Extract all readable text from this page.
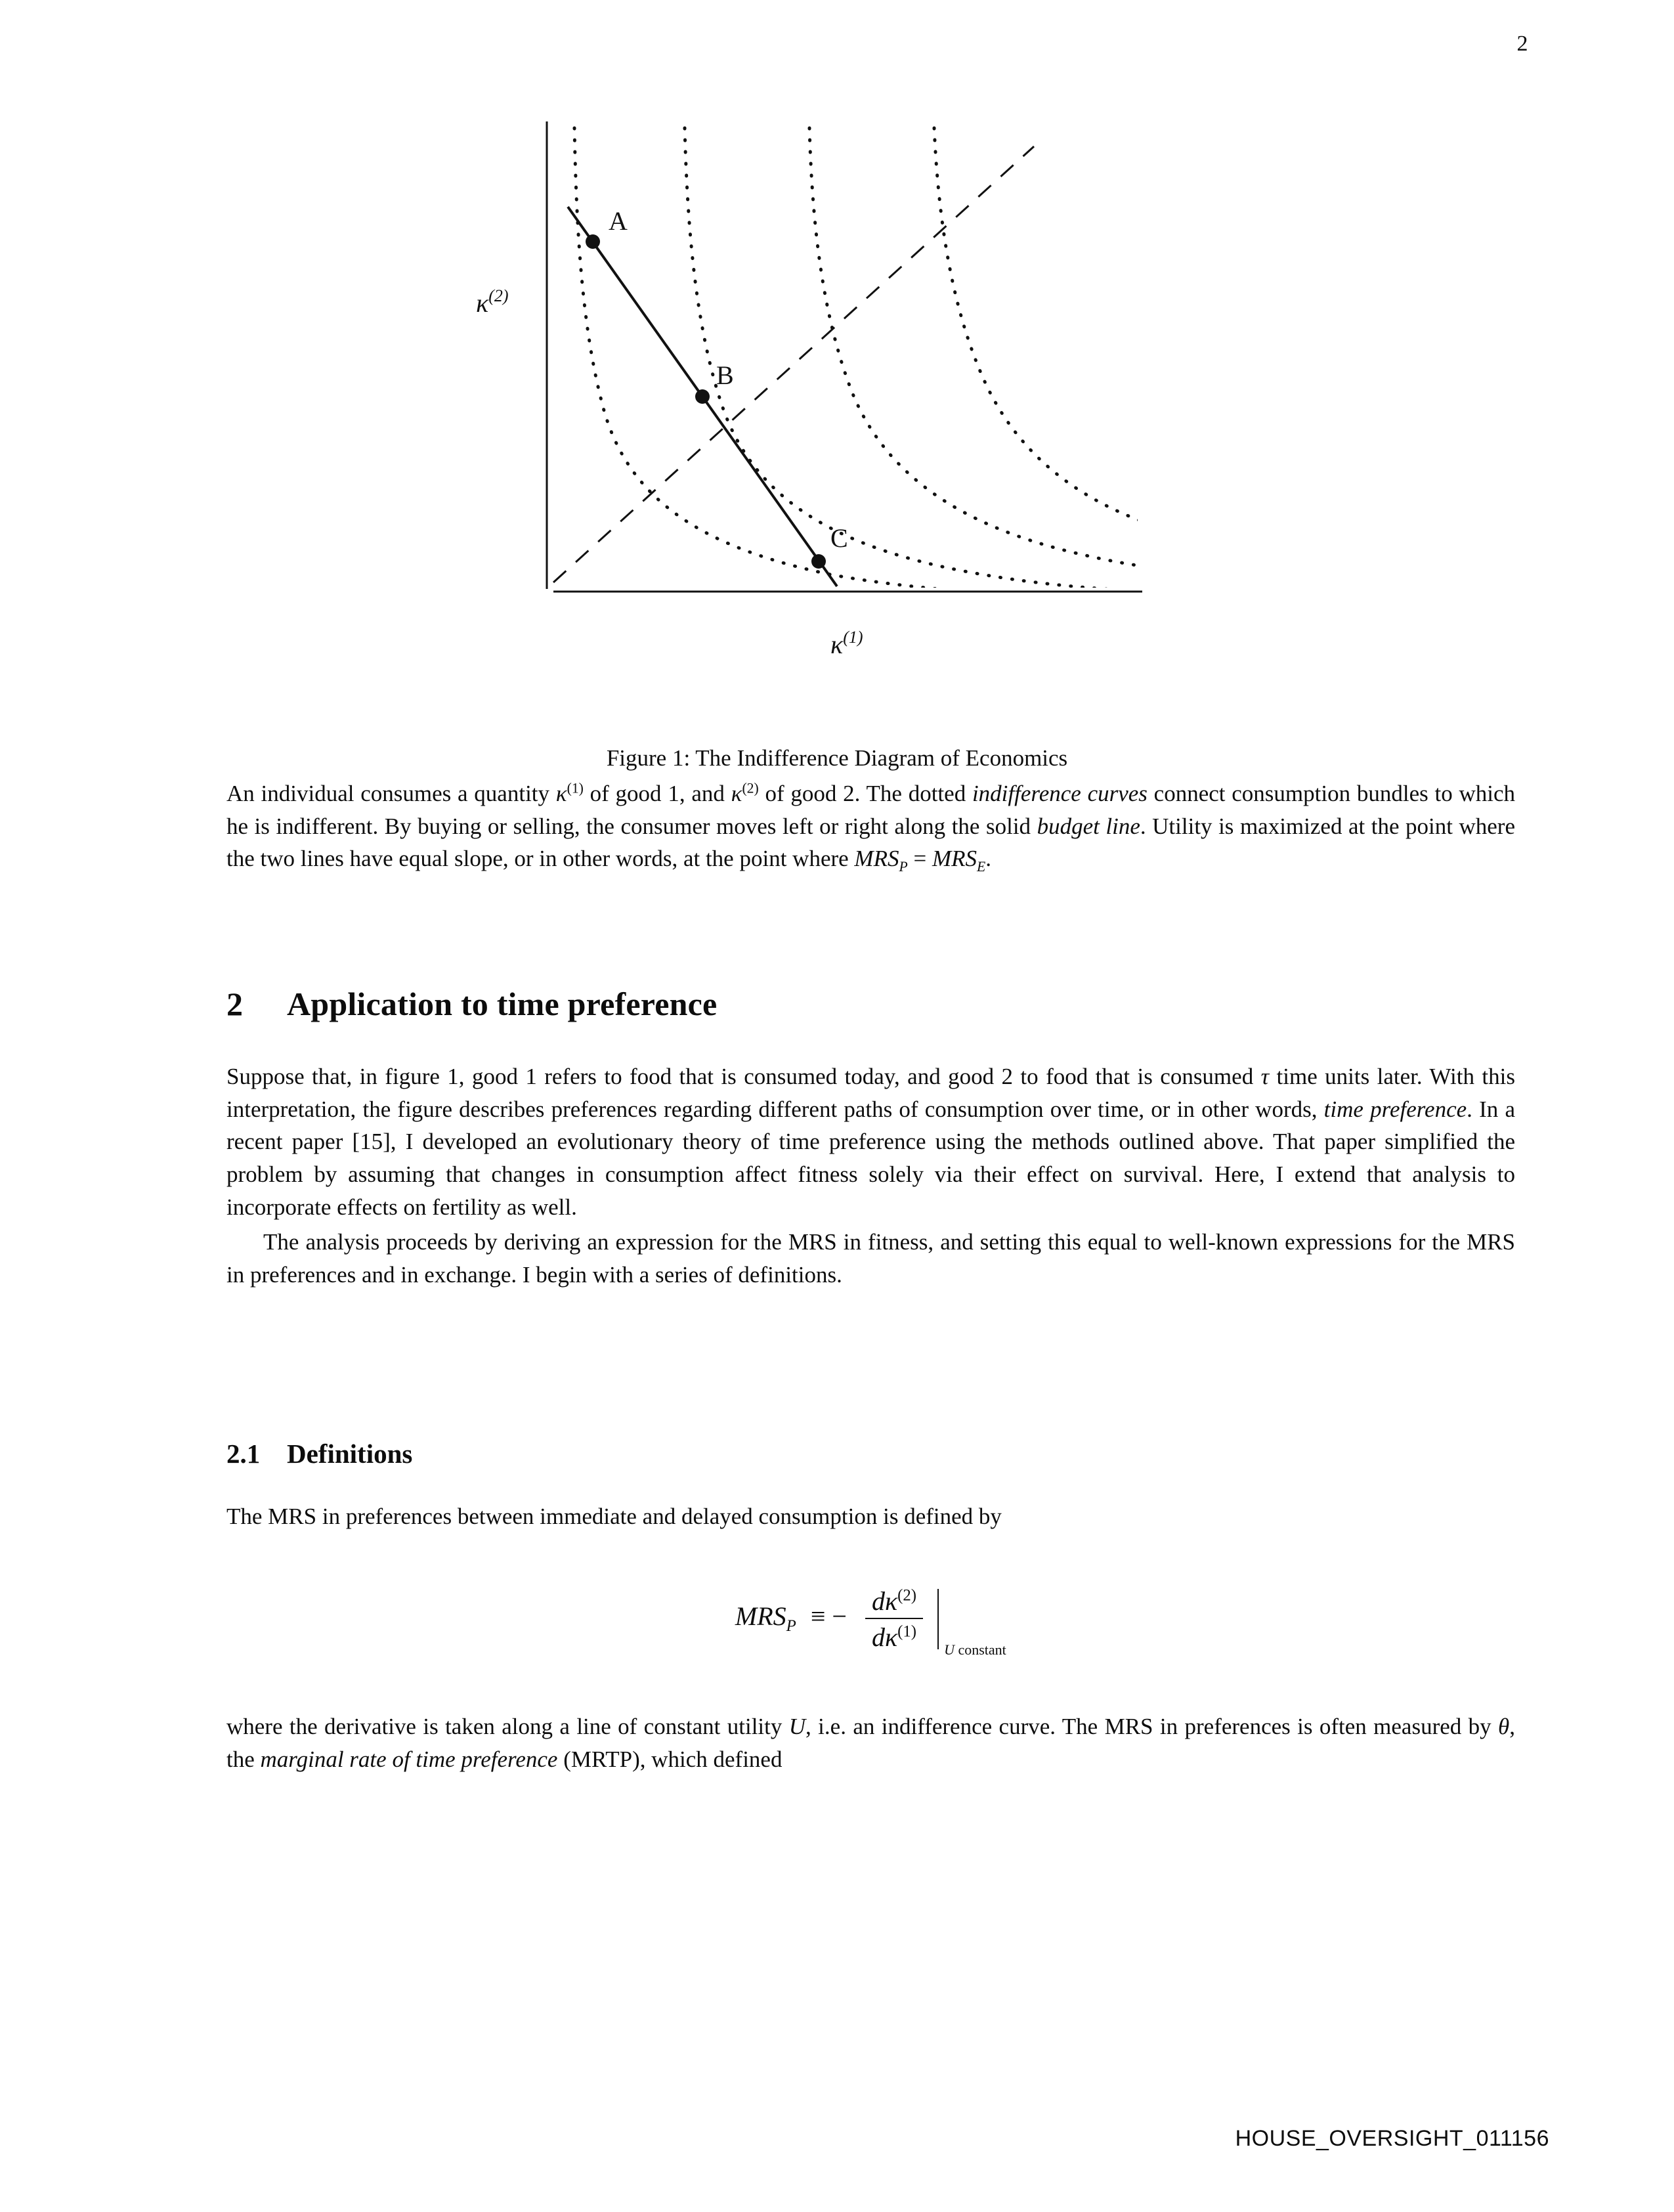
2
A
B
C
$\kappa^{(2)}$
$\kappa^{(1)}$
Figure 1: The Indifference Diagram of Economics

An individual consumes a quantity $\kappa^{(1)}$ of good 1, and $\kappa^{(2)}$ of good 2. The dotted indifference curves connect consumption bundles to which he is indifferent. By buying or selling, the consumer moves left or right along the solid budget line. Utility is maximized at the point where the two lines have equal slope, or in other words, at the point where $MRS_P = MRS_E$.

2 Application to time preference

Suppose that, in figure 1, good 1 refers to food that is consumed today, and good 2 to food that is consumed τ time units later. With this interpretation, the figure describes preferences regarding different paths of consumption over time, or in other words, time preference. In a recent paper [15], I developed an evolutionary theory of time preference using the methods outlined above. That paper simplified the problem by assuming that changes in consumption affect fitness solely via their effect on survival. Here, I extend that analysis to incorporate effects on fertility as well.

The analysis proceeds by deriving an expression for the MRS in fitness, and setting this equal to well-known expressions for the MRS in preferences and in exchange. I begin with a series of definitions.

2.1 Definitions

The MRS in preferences between immediate and delayed consumption is defined by

$MRS_P$ ≡ − $\frac{d\kappa^{(2)}}{d\kappa^{(1)}}$
U constant

where the derivative is taken along a line of constant utility U, i.e. an indifference curve. The MRS in preferences is often measured by θ, the marginal rate of time preference (MRTP), which defined

HOUSE_OVERSIGHT_011156
